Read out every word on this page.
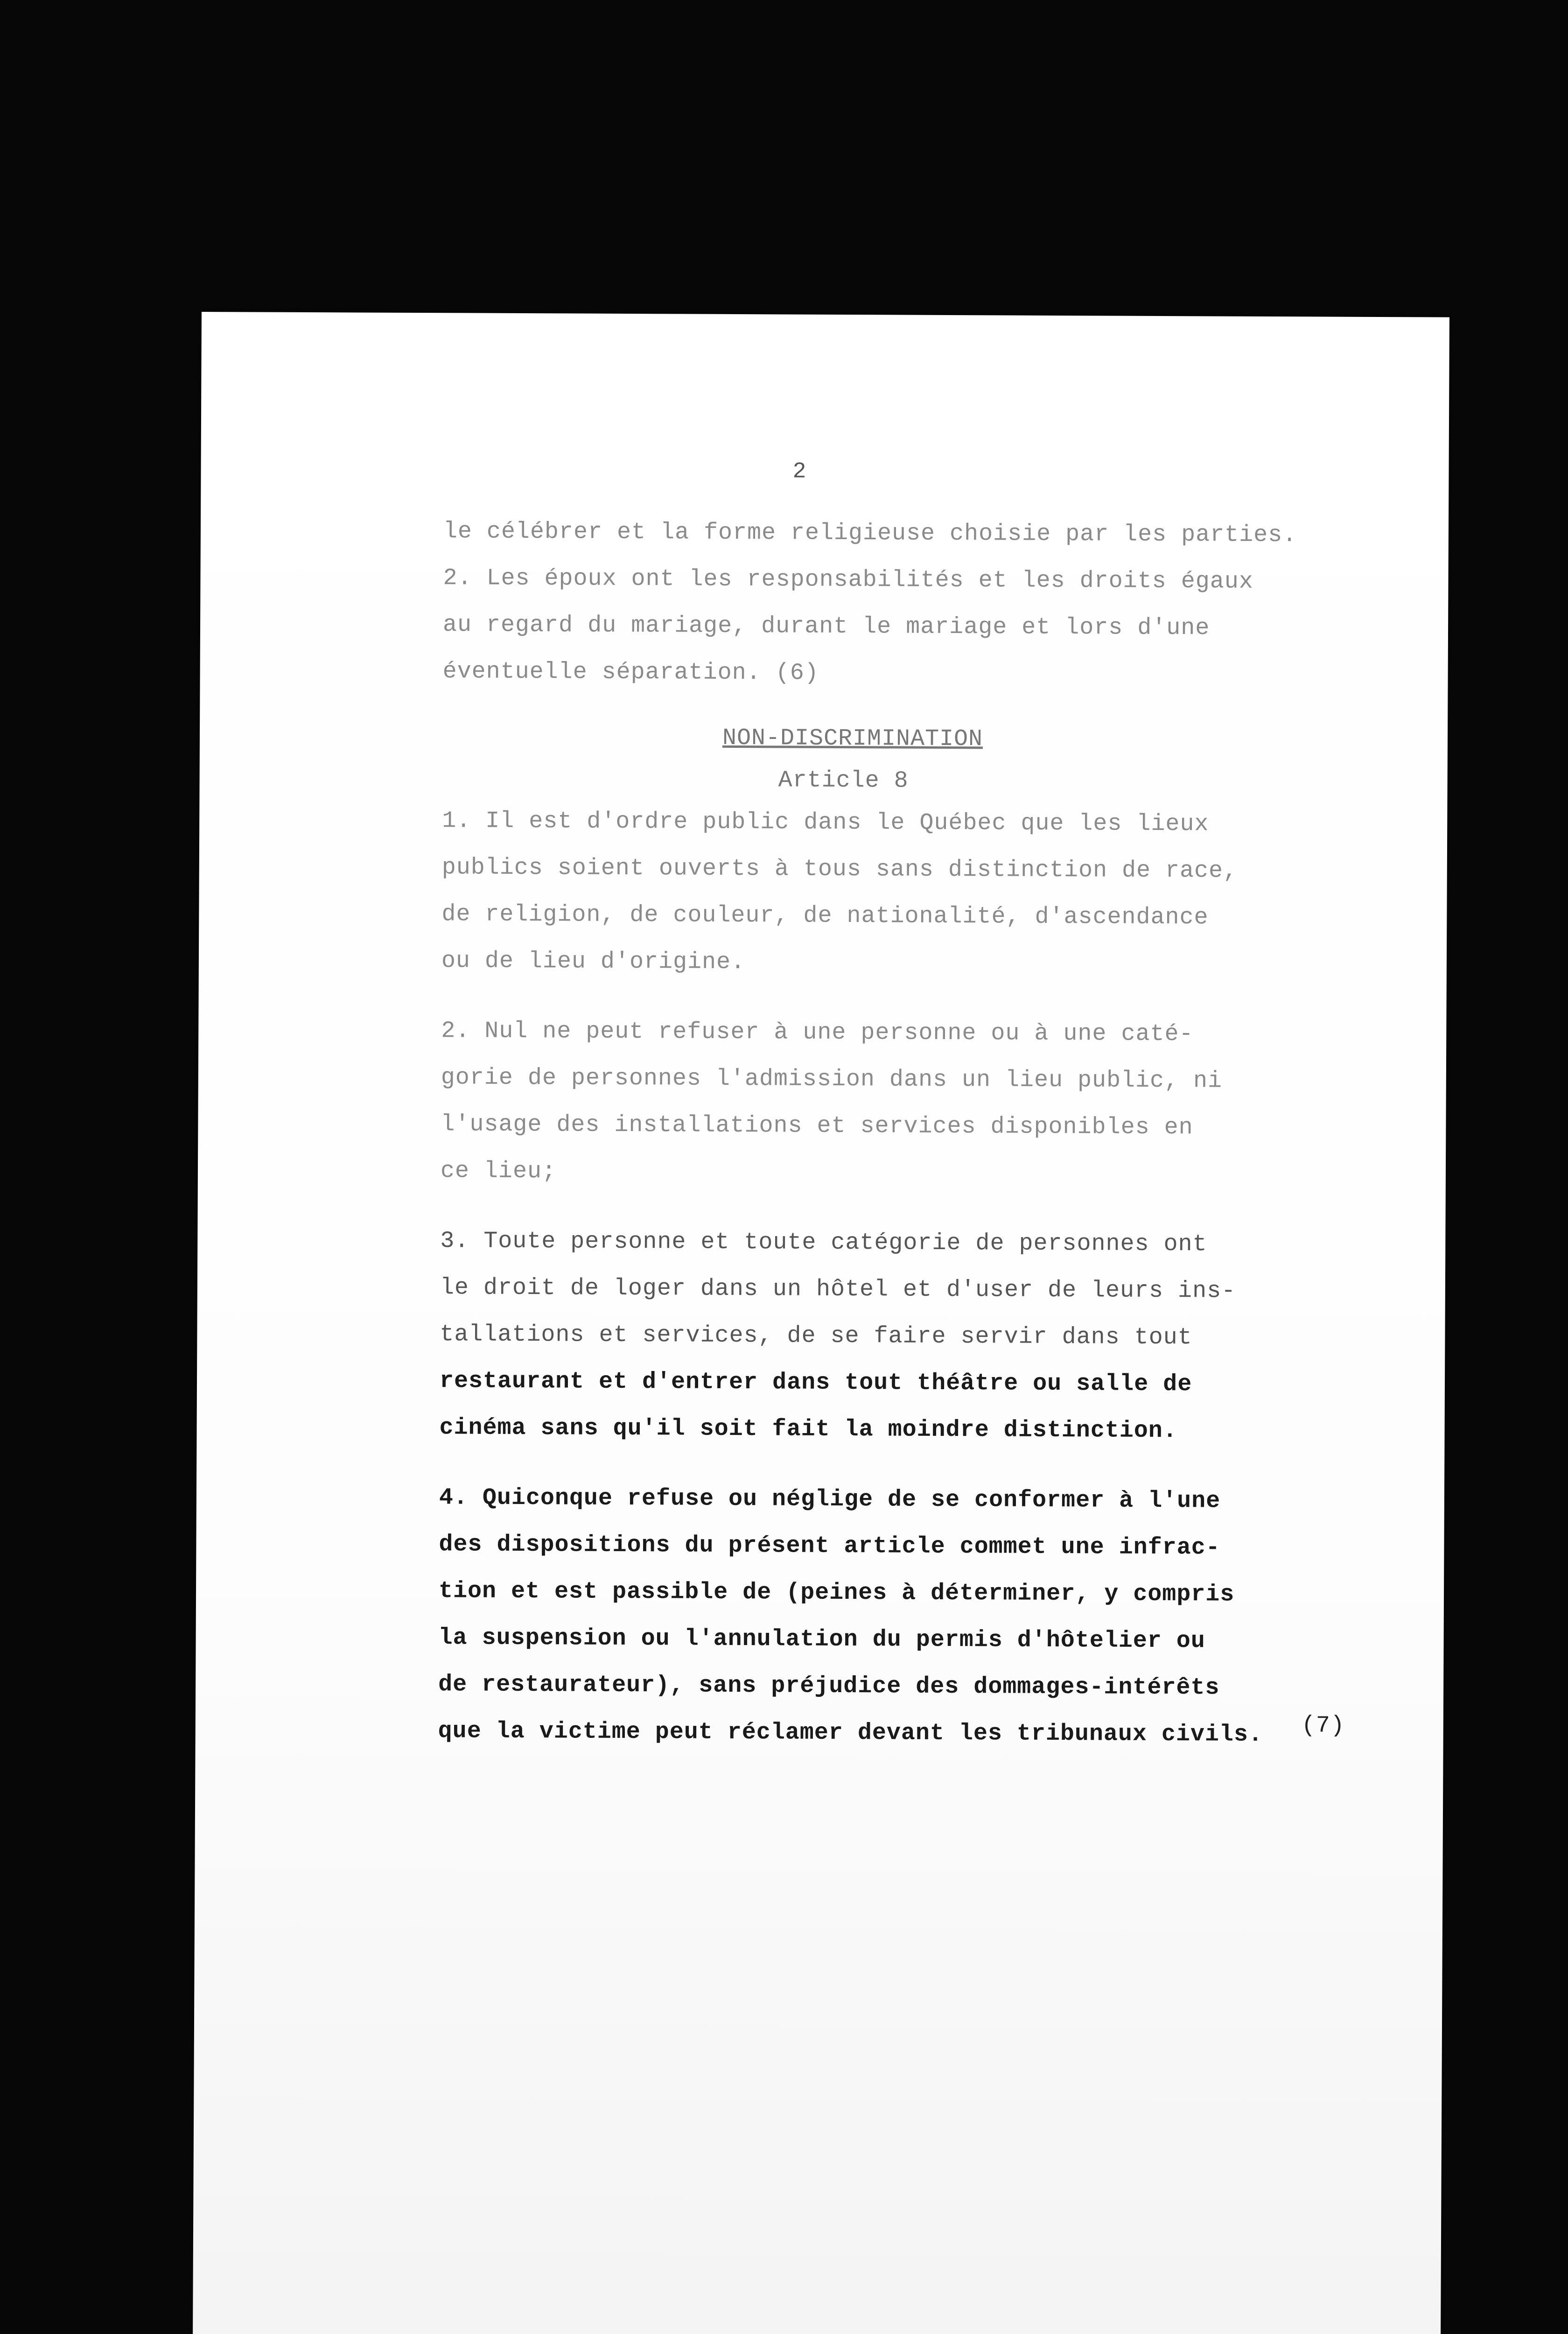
2
le célébrer et la forme religieuse choisie par les parties.
2. Les époux ont les responsabilités et les droits égaux
au regard du mariage, durant le mariage et lors d'une
éventuelle séparation. (6)
NON-DISCRIMINATION
Article 8
1. Il est d'ordre public dans le Québec que les lieux
publics soient ouverts à tous sans distinction de race,
de religion, de couleur, de nationalité, d'ascendance
ou de lieu d'origine.
2. Nul ne peut refuser à une personne ou à une caté-
gorie de personnes l'admission dans un lieu public, ni
l'usage des installations et services disponibles en
ce lieu;
3. Toute personne et toute catégorie de personnes ont
le droit de loger dans un hôtel et d'user de leurs ins-
tallations et services, de se faire servir dans tout
restaurant et d'entrer dans tout théâtre ou salle de
cinéma sans qu'il soit fait la moindre distinction.
4. Quiconque refuse ou néglige de se conformer à l'une
des dispositions du présent article commet une infrac-
tion et est passible de (peines à déterminer, y compris
la suspension ou l'annulation du permis d'hôtelier ou
de restaurateur), sans préjudice des dommages-intérêts
que la victime peut réclamer devant les tribunaux civils. (7)
